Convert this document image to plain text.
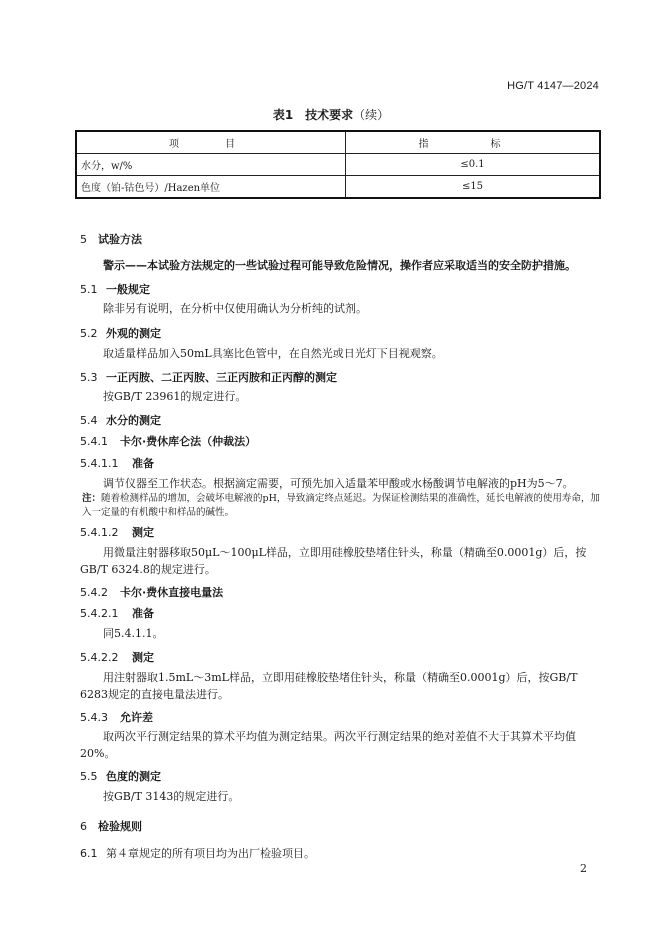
HG/T 4147—2024
表1　技术要求（续）
项　目	指　标
水分，w/%	≤0.1
色度（铂-钴色号）/Hazen单位	≤15
5 试验方法
警示——本试验方法规定的一些试验过程可能导致危险情况，操作者应采取适当的安全防护措施。
5.1 一般规定
除非另有说明，在分析中仅使用确认为分析纯的试剂。
5.2 外观的测定
取适量样品加入50mL具塞比色管中，在自然光或日光灯下目视观察。
5.3 一正丙胺、二正丙胺、三正丙胺和正丙醇的测定
按GB/T 23961的规定进行。
5.4 水分的测定
5.4.1 卡尔·费休库仑法（仲裁法）
5.4.1.1 准备
调节仪器至工作状态。根据滴定需要，可预先加入适量苯甲酸或水杨酸调节电解液的pH为5～7。
注：随着检测样品的增加，会破坏电解液的pH，导致滴定终点延迟。为保证检测结果的准确性，延长电解液的使用寿命，加入一定量的有机酸中和样品的碱性。
5.4.1.2 测定
用微量注射器移取50μL～100μL样品，立即用硅橡胶垫堵住针头，称量（精确至0.0001g）后，按GB/T 6324.8的规定进行。
5.4.2 卡尔·费休直接电量法
5.4.2.1 准备
同5.4.1.1。
5.4.2.2 测定
用注射器取1.5mL～3mL样品，立即用硅橡胶垫堵住针头，称量（精确至0.0001g）后，按GB/T 6283规定的直接电量法进行。
5.4.3 允许差
取两次平行测定结果的算术平均值为测定结果。两次平行测定结果的绝对差值不大于其算术平均值20%。
5.5 色度的测定
按GB/T 3143的规定进行。
6 检验规则
6.1 第４章规定的所有项目均为出厂检验项目。
2
